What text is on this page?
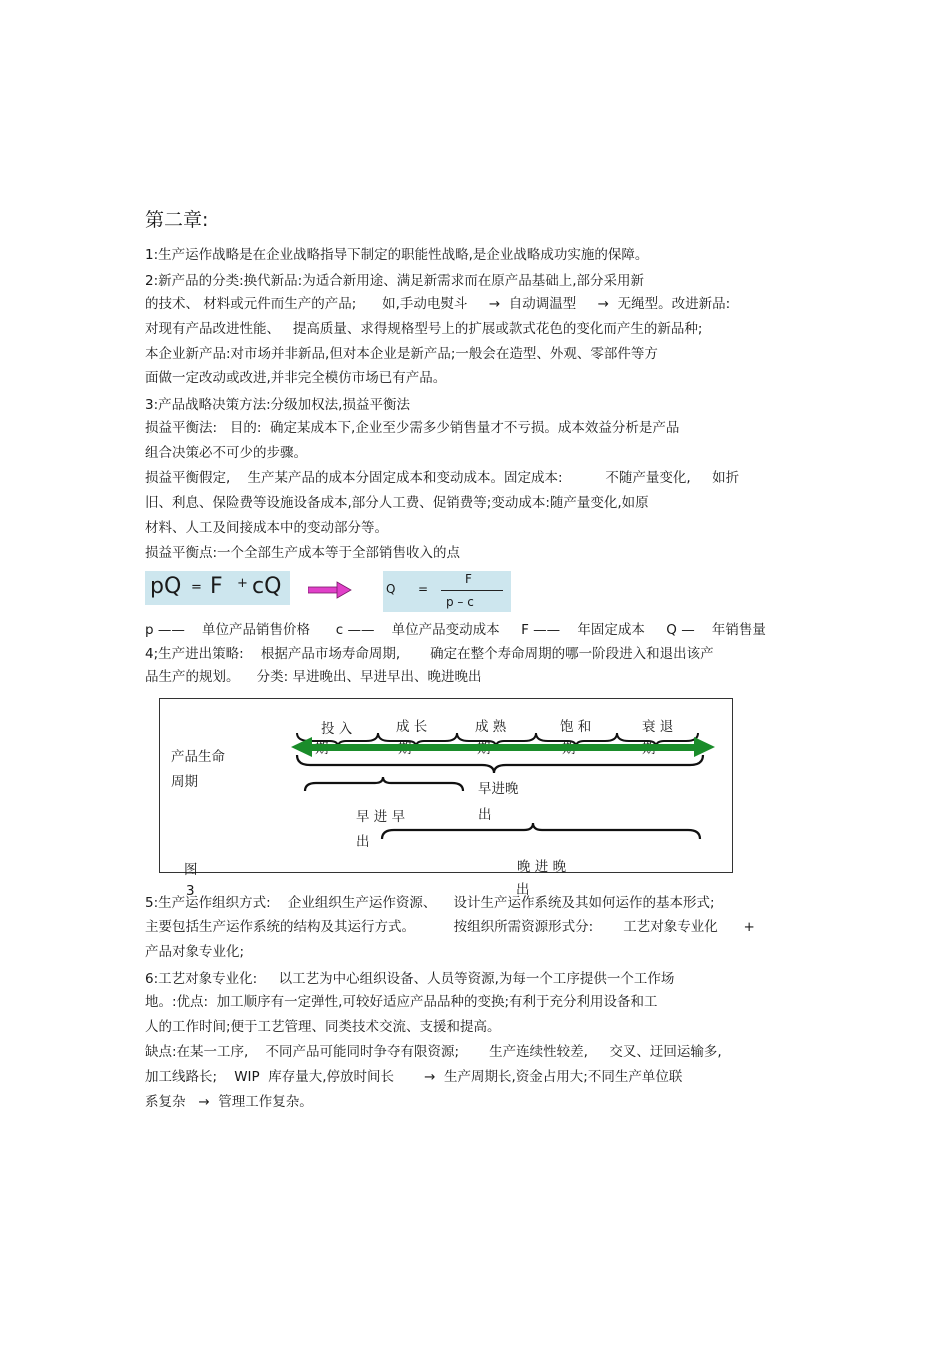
第二章:
1:生产运作战略是在企业战略指导下制定的职能性战略,是企业战略成功实施的保障。
2:新产品的分类:换代新品:为适合新用途、满足新需求而在原产品基础上,部分采用新
的技术、 材料或元件而生产的产品;      如,手动电熨斗     →  自动调温型     →  无绳型。改进新品:
对现有产品改进性能、   提高质量、求得规格型号上的扩展或款式花色的变化而产生的新品种;
本企业新产品:对市场并非新品,但对本企业是新产品;一般会在造型、外观、零部件等方
面做一定改动或改进,并非完全模仿市场已有产品。
3:产品战略决策方法:分级加权法,损益平衡法
损益平衡法:   目的:  确定某成本下,企业至少需多少销售量才不亏损。成本效益分析是产品
组合决策必不可少的步骤。
损益平衡假定,    生产某产品的成本分固定成本和变动成本。固定成本:          不随产量变化,     如折
旧、利息、保险费等设施设备成本,部分人工费、促销费等;变动成本:随产量变化,如原
材料、人工及间接成本中的变动部分等。
损益平衡点:一个全部生产成本等于全部销售收入的点
pQ = F + cQ	Q =
F
p – c
p ——    单位产品销售价格      c ——    单位产品变动成本     F ——    年固定成本     Q —    年销售量
4;生产进出策略:    根据产品市场寿命周期,       确定在整个寿命周期的哪一阶段进入和退出该产
品生产的规划。    分类: 早进晚出、早进早出、晚进晚出
产品生命
周期
投 入	成 长	成 熟	饱 和	衰 退
早进晚
出
早 进 早
出
晚 进 晚
图
出
3
5:生产运作组织方式:    企业组织生产运作资源、    设计生产运作系统及其如何运作的基本形式;
主要包括生产运作系统的结构及其运行方式。         按组织所需资源形式分:       工艺对象专业化      +
产品对象专业化;
6:工艺对象专业化:     以工艺为中心组织设备、人员等资源,为每一个工序提供一个工作场
地。:优点:  加工顺序有一定弹性,可较好适应产品品种的变换;有利于充分利用设备和工
人的工作时间;便于工艺管理、同类技术交流、支援和提高。
缺点:在某一工序,    不同产品可能同时争夺有限资源;       生产连续性较差,     交叉、迂回运输多,
加工线路长;    WIP  库存量大,停放时间长       →  生产周期长,资金占用大;不同生产单位联
系复杂   →  管理工作复杂。
